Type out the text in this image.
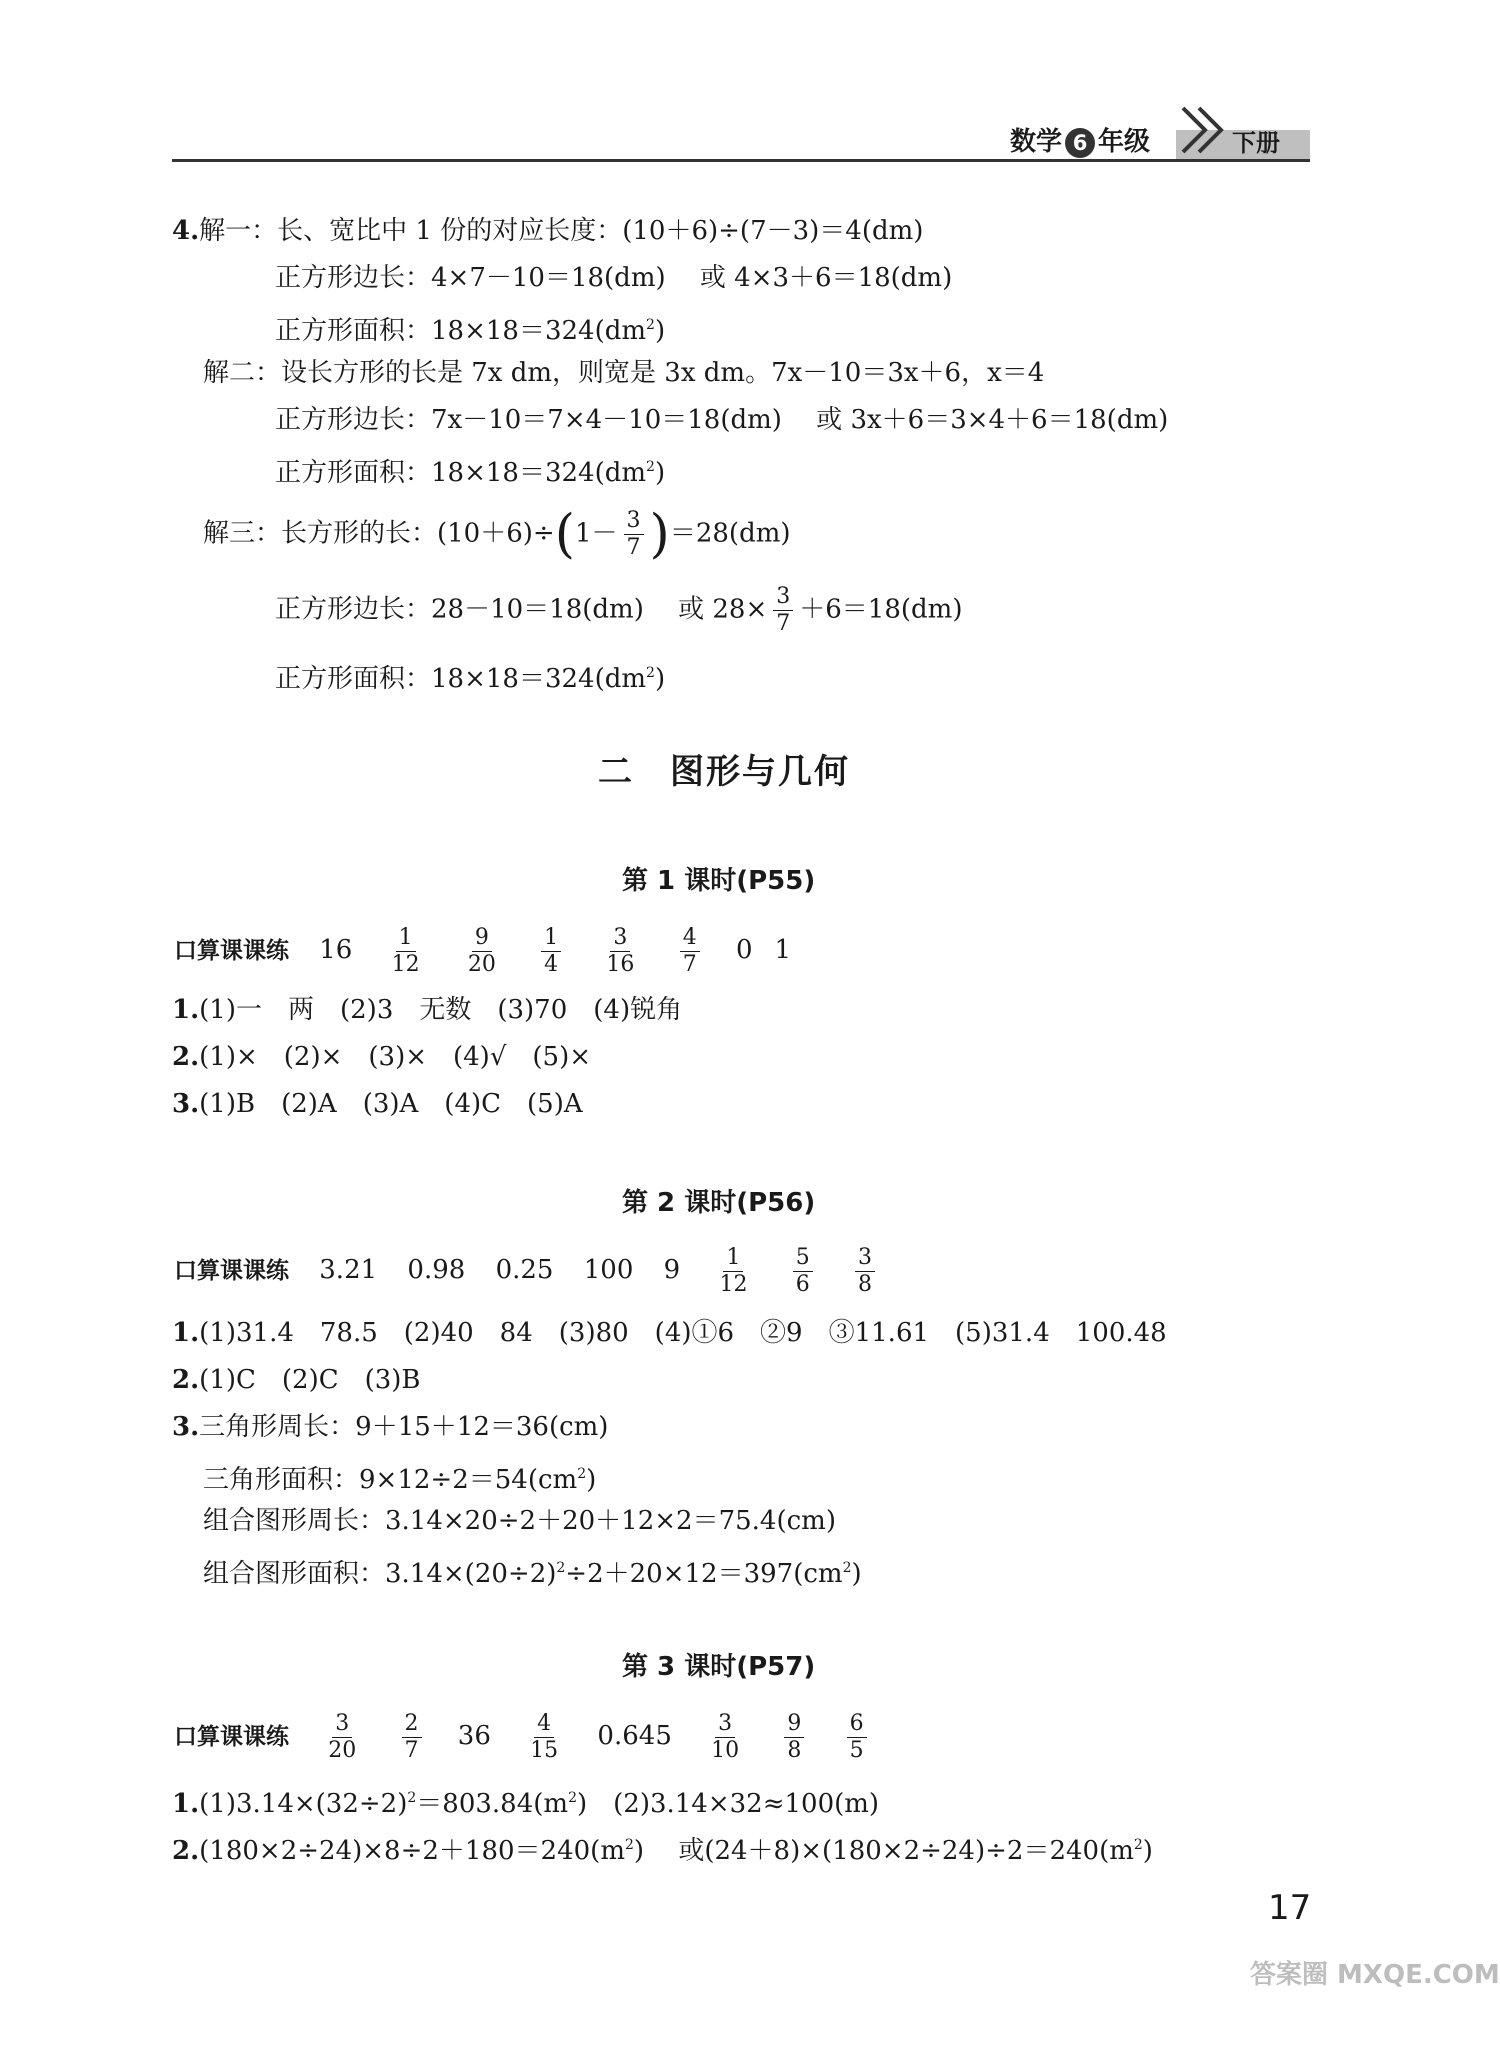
数学 6 年级	下册
4.解一：长、宽比中 1 份的对应长度：(10＋6)÷(7－3)＝4(dm)
正方形边长：4×7－10＝18(dm)　 或 4×3＋6＝18(dm)
正方形面积：$18\times 18=324(dm^2)$
解二：设长方形的长是 7x dm，则宽是 3x dm。7x－10＝3x＋6，x＝4
正方形边长：7x－10＝7×4－10＝18(dm)　 或 3x＋6＝3×4＋6＝18(dm)
正方形面积：$18\times 18=324(dm^2)$
解三：长方形的长：$(10+6)\div(1- \frac{3}{7} )=28(dm)$
正方形边长：28－10＝18(dm)　 或 $28\times \frac{3}{7} +6=18(dm)$
正方形面积：$18\times 18=324(dm^2)$
二　图形与几何
第 1 课时(P55)
口算课课练 $16 \frac{1}{12}$
$\frac{9}{20}$
$\frac{1}{4}$
$\frac{3}{16}$
$\frac{4}{7} 0$ 1
1.(1)一　两　(2)3　无数　(3)70　(4)锐角
2.(1)×　(2)×　(3)×　(4)√　(5)×
3.(1)B　(2)A　(3)A　(4)C　(5)A
第 2 课时(P56)
口算课课练 3.21 0.98 0.25 100 $9 \frac{1}{12}$
$\frac{5}{6}$
$\frac{3}{8}$
1.(1)31.4　78.5　(2)40　84　(3)80　(4)①6　②9　③11.61　(5)31.4　100.48
2.(1)C　(2)C　(3)B
3.三角形周长：9＋15＋12＝36(cm)
三角形面积：$9\times 12\div 2=54(cm^2)$
组合图形周长：3.14×20÷2＋20＋12×2＝75.4(cm)
组合图形面积：$3.14\times(20\div 2)^2\div 2+20\times 12=397(cm^2)$
第 3 课时(P57)
口算课课练 $\frac{3}{20}$
$\frac{2}{7} 36 \frac{4}{15} 0.645 \frac{3}{10}$
$\frac{9}{8}$
$\frac{6}{5}$
$1.(1)3.14\times(32\div 2)^2=803.84(m^2)$　(2)3.14×32≈100(m)
$2.(180\times 2\div 24)\times 8\div 2+180=240(m^2)$　 或$(24+8)\times(180\times 2\div 24)\div 2=240(m^2)$
17
答案圈 MXQE.COM
